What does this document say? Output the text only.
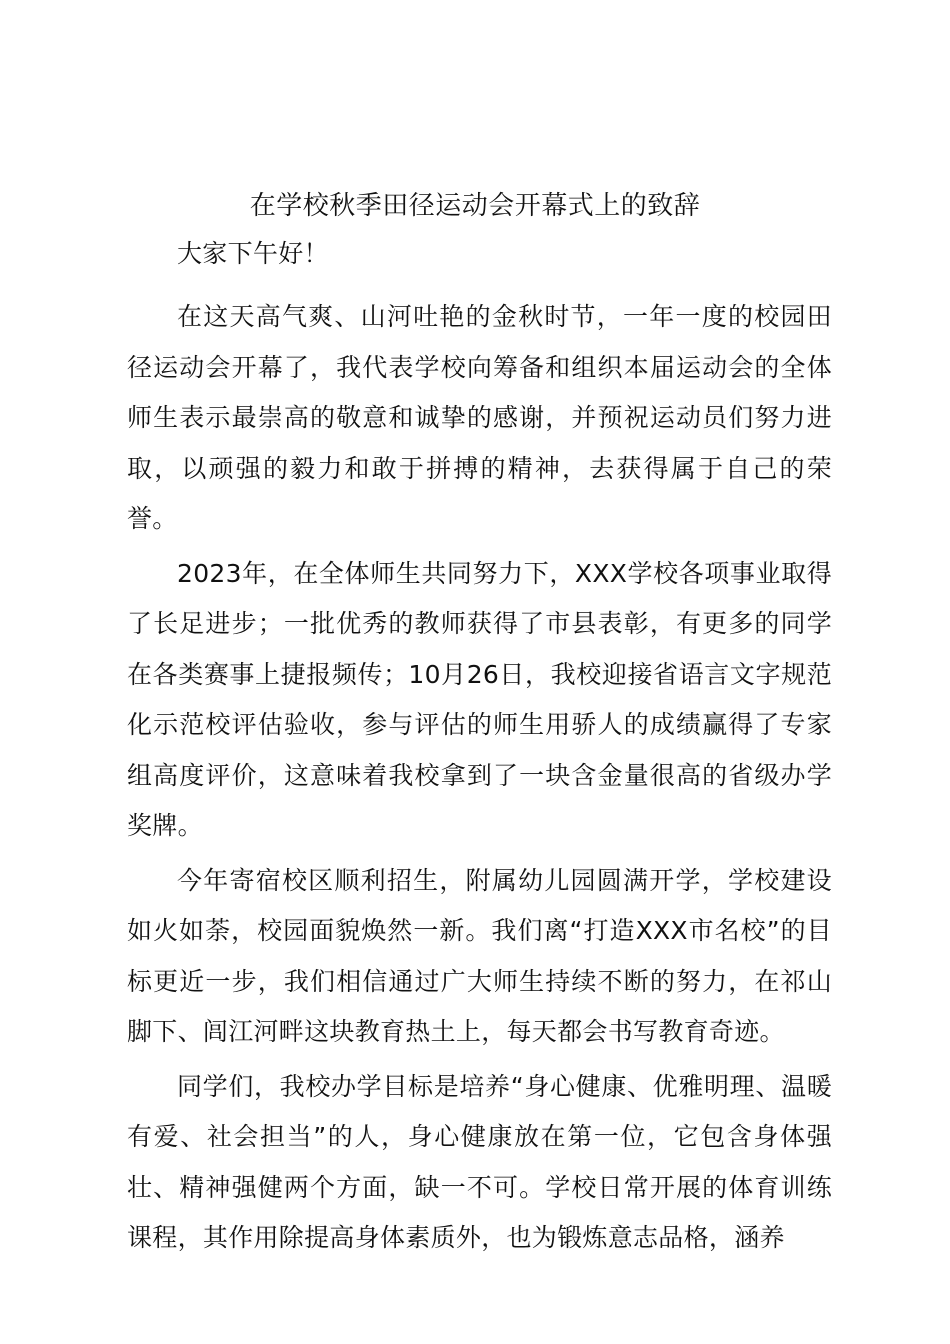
在学校秋季田径运动会开幕式上的致辞

大家下午好！

在这天高气爽、山河吐艳的金秋时节，一年一度的校园田径运动会开幕了，我代表学校向筹备和组织本届运动会的全体师生表示最崇高的敬意和诚挚的感谢，并预祝运动员们努力进取，以顽强的毅力和敢于拼搏的精神，去获得属于自己的荣誉。

2023年，在全体师生共同努力下，XXX学校各项事业取得了长足进步；一批优秀的教师获得了市县表彰，有更多的同学在各类赛事上捷报频传；10月26日，我校迎接省语言文字规范化示范校评估验收，参与评估的师生用骄人的成绩赢得了专家组高度评价，这意味着我校拿到了一块含金量很高的省级办学奖牌。

今年寄宿校区顺利招生，附属幼儿园圆满开学，学校建设如火如荼，校园面貌焕然一新。我们离“打造XXX市名校”的目标更近一步，我们相信通过广大师生持续不断的努力，在祁山脚下、闾江河畔这块教育热土上，每天都会书写教育奇迹。

同学们，我校办学目标是培养“身心健康、优雅明理、温暖有爱、社会担当”的人，身心健康放在第一位，它包含身体强壮、精神强健两个方面，缺一不可。学校日常开展的体育训练课程，其作用除提高身体素质外，也为锻炼意志品格，涵养
